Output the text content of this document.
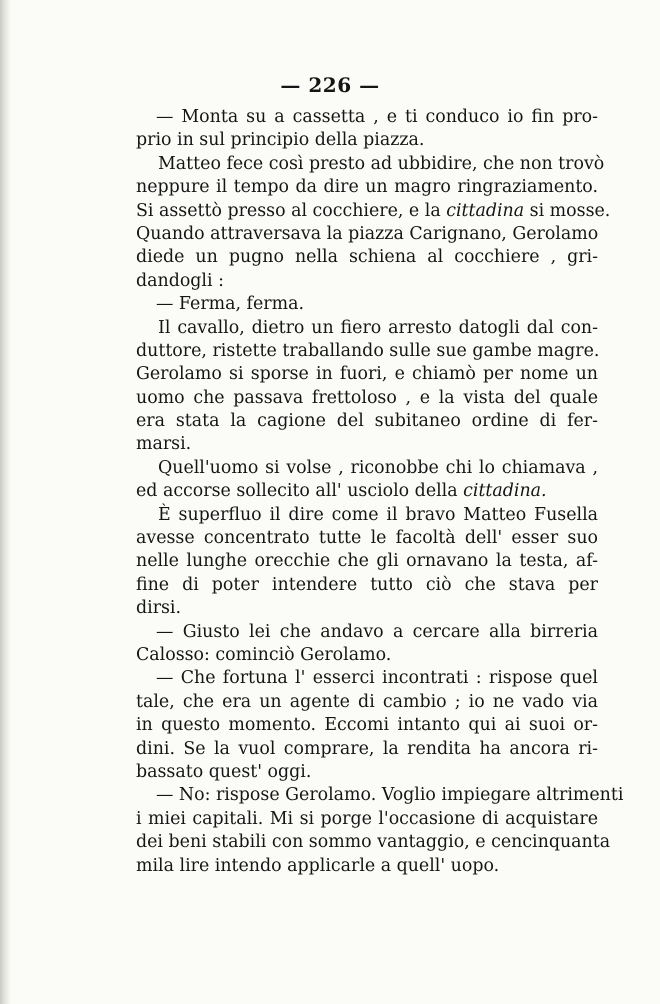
— 226 —
— Monta su a cassetta , e ti conduco io fin pro-
prio in sul principio della piazza.
Matteo fece così presto ad ubbidire, che non trovò
neppure il tempo da dire un magro ringraziamento.
Si assettò presso al cocchiere, e la cittadina si mosse.
Quando attraversava la piazza Carignano, Gerolamo
diede un pugno nella schiena al cocchiere , gri-
dandogli :
— Ferma, ferma.
Il cavallo, dietro un fiero arresto datogli dal con-
duttore, ristette traballando sulle sue gambe magre.
Gerolamo si sporse in fuori, e chiamò per nome un
uomo che passava frettoloso , e la vista del quale
era stata la cagione del subitaneo ordine di fer-
marsi.
Quell'uomo si volse , riconobbe chi lo chiamava ,
ed accorse sollecito all' usciolo della cittadina.
È superfluo il dire come il bravo Matteo Fusella
avesse concentrato tutte le facoltà dell' esser suo
nelle lunghe orecchie che gli ornavano la testa, af-
fine di poter intendere tutto ciò che stava per
dirsi.
— Giusto lei che andavo a cercare alla birreria
Calosso: cominciò Gerolamo.
— Che fortuna l' esserci incontrati : rispose quel
tale, che era un agente di cambio ; io ne vado via
in questo momento. Eccomi intanto qui ai suoi or-
dini. Se la vuol comprare, la rendita ha ancora ri-
bassato quest' oggi.
— No: rispose Gerolamo. Voglio impiegare altrimenti
i miei capitali. Mi si porge l'occasione di acquistare
dei beni stabili con sommo vantaggio, e cencinquanta
mila lire intendo applicarle a quell' uopo.
